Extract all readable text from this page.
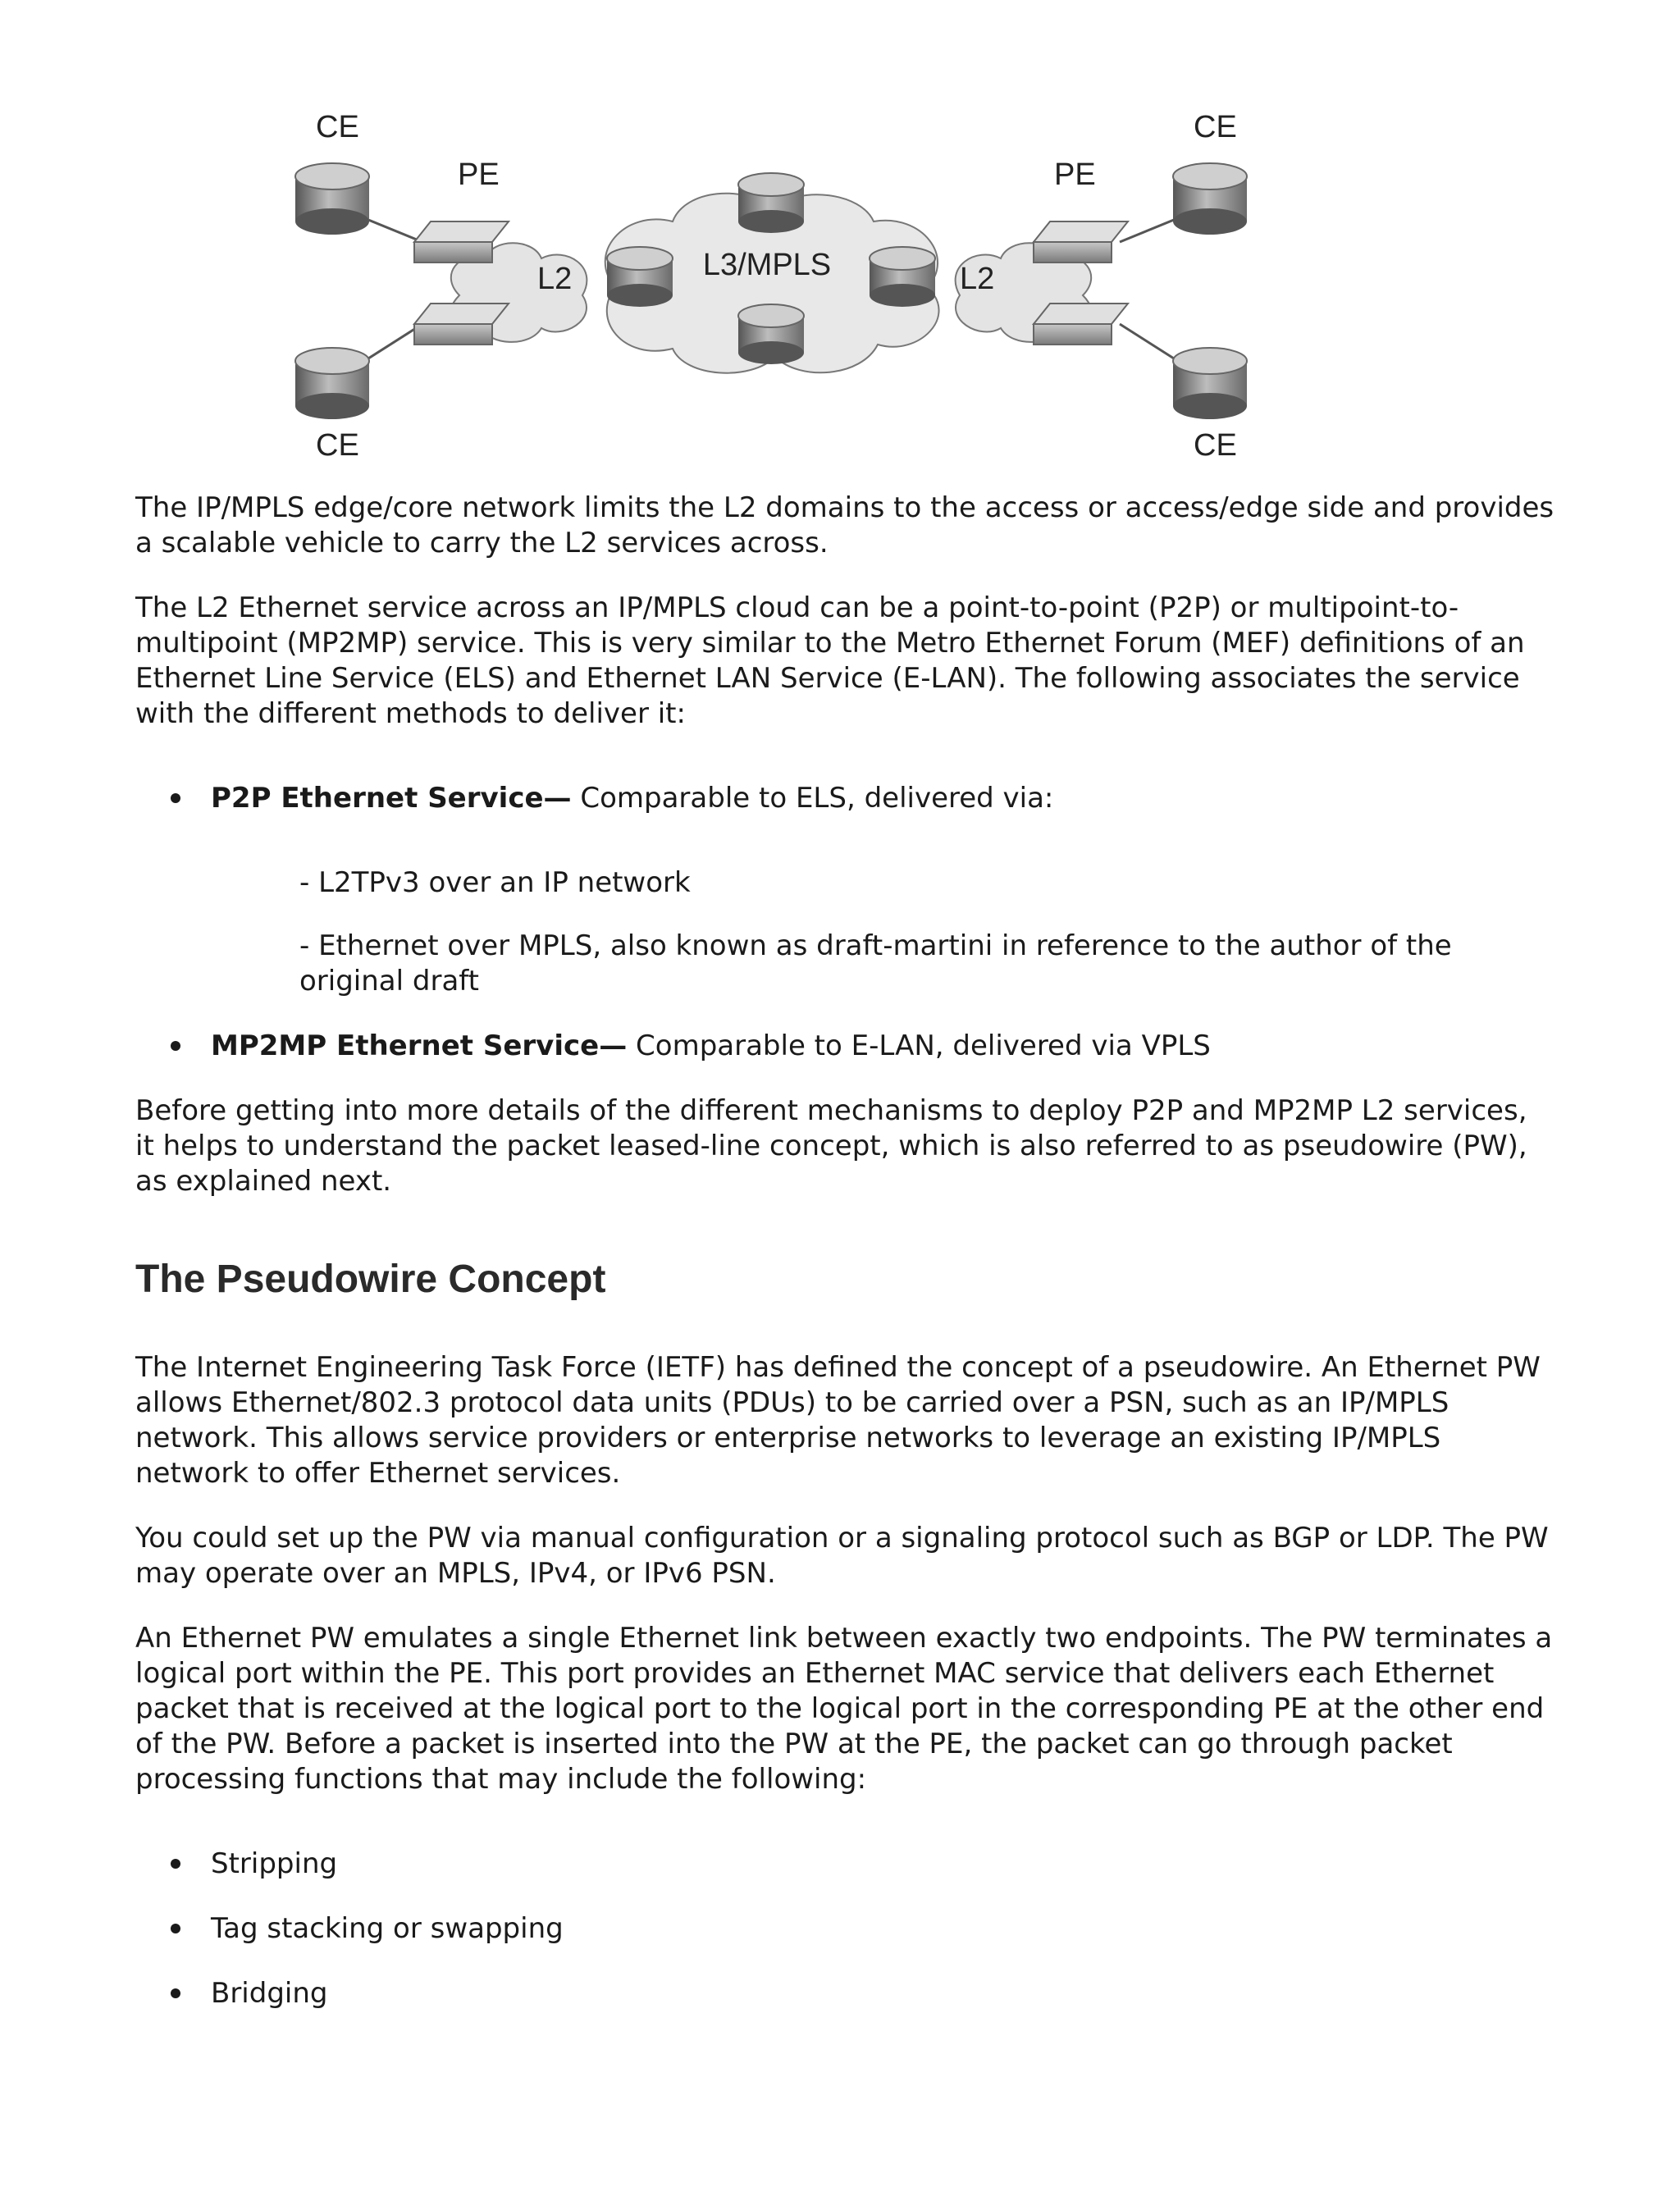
CE
CE
CE
CE
PE	PE
L2	L2
L3/MPLS

The IP/MPLS edge/core network limits the L2 domains to the access or access/edge side and provides a scalable vehicle to carry the L2 services across.

The L2 Ethernet service across an IP/MPLS cloud can be a point-to-point (P2P) or multipoint-to-multipoint (MP2MP) service. This is very similar to the Metro Ethernet Forum (MEF) definitions of an Ethernet Line Service (ELS) and Ethernet LAN Service (E-LAN). The following associates the service with the different methods to deliver it:

P2P Ethernet Service— Comparable to ELS, delivered via:
- L2TPv3 over an IP network
- Ethernet over MPLS, also known as draft-martini in reference to the author of the original draft
MP2MP Ethernet Service— Comparable to E-LAN, delivered via VPLS

Before getting into more details of the different mechanisms to deploy P2P and MP2MP L2 services, it helps to understand the packet leased-line concept, which is also referred to as pseudowire (PW), as explained next.

The Pseudowire Concept

The Internet Engineering Task Force (IETF) has defined the concept of a pseudowire. An Ethernet PW allows Ethernet/802.3 protocol data units (PDUs) to be carried over a PSN, such as an IP/MPLS network. This allows service providers or enterprise networks to leverage an existing IP/MPLS network to offer Ethernet services.

You could set up the PW via manual configuration or a signaling protocol such as BGP or LDP. The PW may operate over an MPLS, IPv4, or IPv6 PSN.

An Ethernet PW emulates a single Ethernet link between exactly two endpoints. The PW terminates a logical port within the PE. This port provides an Ethernet MAC service that delivers each Ethernet packet that is received at the logical port to the logical port in the corresponding PE at the other end of the PW. Before a packet is inserted into the PW at the PE, the packet can go through packet processing functions that may include the following:

Stripping
Tag stacking or swapping
Bridging
